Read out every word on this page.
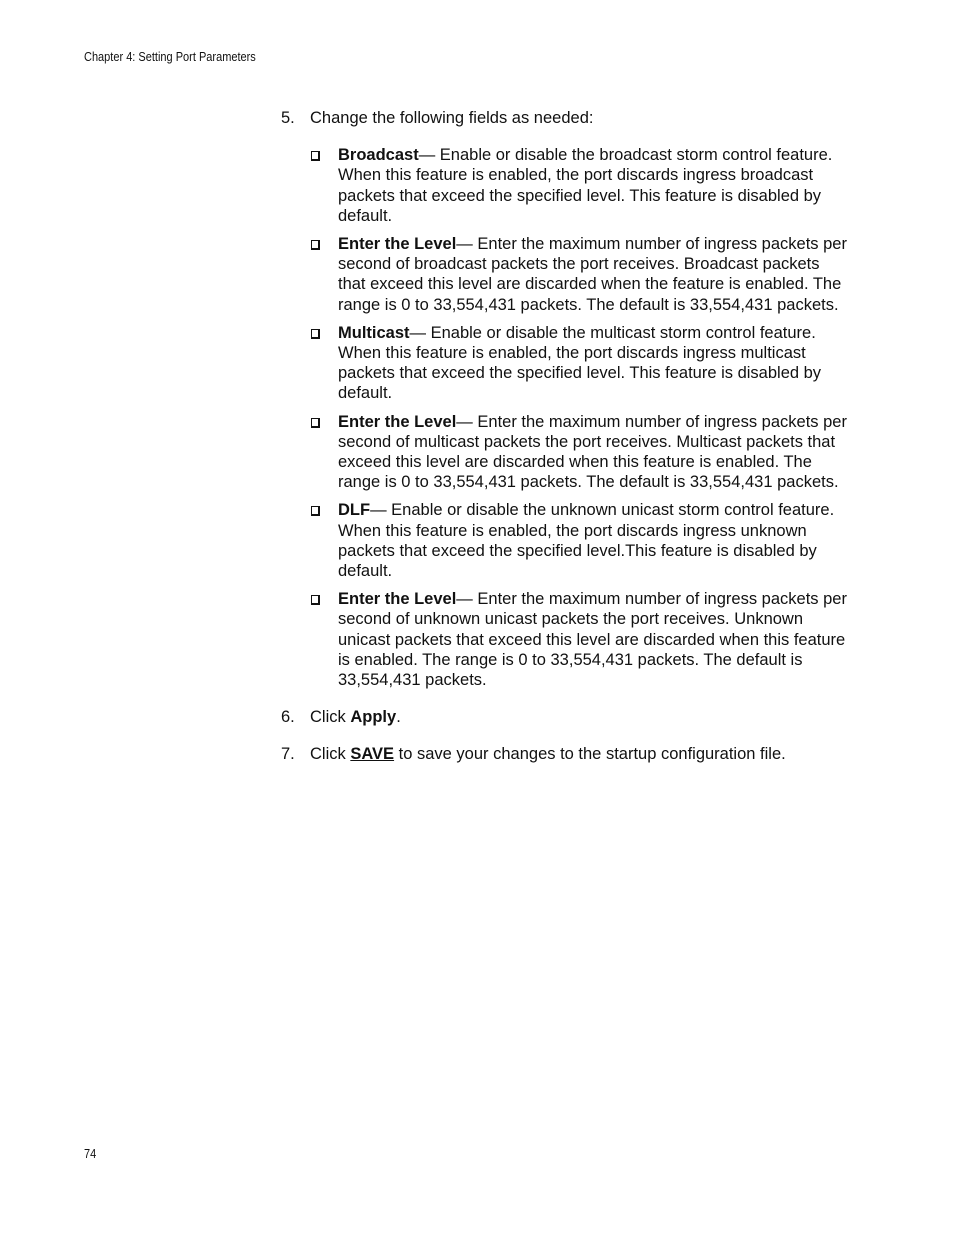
Chapter 4: Setting Port Parameters
5. Change the following fields as needed:
Broadcast— Enable or disable the broadcast storm control feature. When this feature is enabled, the port discards ingress broadcast packets that exceed the specified level. This feature is disabled by default.
Enter the Level— Enter the maximum number of ingress packets per second of broadcast packets the port receives. Broadcast packets that exceed this level are discarded when the feature is enabled. The range is 0 to 33,554,431 packets. The default is 33,554,431 packets.
Multicast— Enable or disable the multicast storm control feature. When this feature is enabled, the port discards ingress multicast packets that exceed the specified level. This feature is disabled by default.
Enter the Level— Enter the maximum number of ingress packets per second of multicast packets the port receives. Multicast packets that exceed this level are discarded when this feature is enabled. The range is 0 to 33,554,431 packets. The default is 33,554,431 packets.
DLF— Enable or disable the unknown unicast storm control feature. When this feature is enabled, the port discards ingress unknown packets that exceed the specified level.This feature is disabled by default.
Enter the Level— Enter the maximum number of ingress packets per second of unknown unicast packets the port receives. Unknown unicast packets that exceed this level are discarded when this feature is enabled. The range is 0 to 33,554,431 packets. The default is 33,554,431 packets.
6. Click Apply.
7. Click SAVE to save your changes to the startup configuration file.
74
